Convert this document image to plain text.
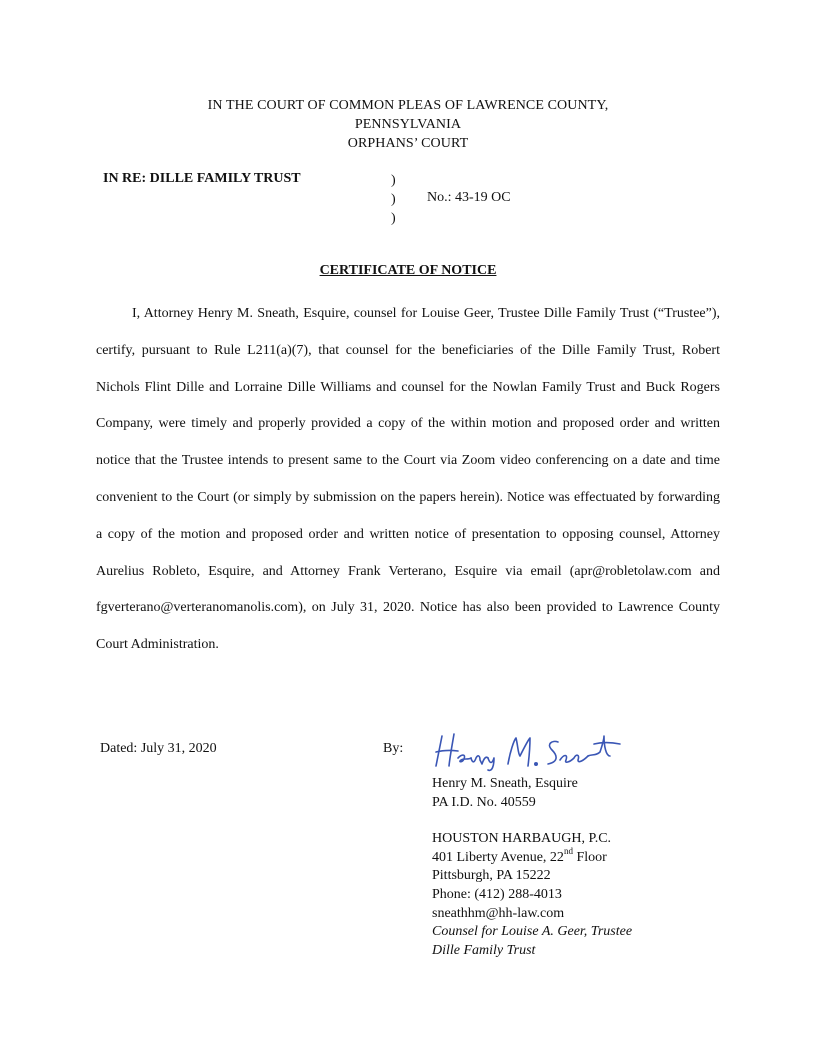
IN THE COURT OF COMMON PLEAS OF LAWRENCE COUNTY,
PENNSYLVANIA
ORPHANS’ COURT
IN RE: DILLE FAMILY TRUST	)
)
)
No.: 43-19 OC
CERTIFICATE OF NOTICE

I, Attorney Henry M. Sneath, Esquire, counsel for Louise Geer, Trustee Dille Family Trust (“Trustee”), certify, pursuant to Rule L211(a)(7), that counsel for the beneficiaries of the Dille Family Trust, Robert Nichols Flint Dille and Lorraine Dille Williams and counsel for the Nowlan Family Trust and Buck Rogers Company, were timely and properly provided a copy of the within motion and proposed order and written notice that the Trustee intends to present same to the Court via Zoom video conferencing on a date and time convenient to the Court (or simply by submission on the papers herein). Notice was effectuated by forwarding a copy of the motion and proposed order and written notice of presentation to opposing counsel, Attorney Aurelius Robleto, Esquire, and Attorney Frank Verterano, Esquire via email (apr@robletolaw.com and fgverterano@verteranomanolis.com), on July 31, 2020. Notice has also been provided to Lawrence County Court Administration.

Dated: July 31, 2020	By:
Henry M. Sneath, Esquire
PA I.D. No. 40559
HOUSTON HARBAUGH, P.C.
401 Liberty Avenue, 22nd Floor
Pittsburgh, PA 15222
Phone: (412) 288-4013
sneathhm@hh-law.com
Counsel for Louise A. Geer, Trustee
Dille Family Trust
